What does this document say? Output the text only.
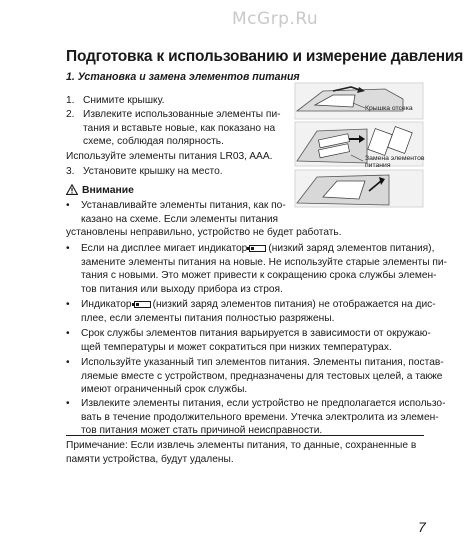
McGrp.Ru
Подготовка к использованию и измерение давления
1. Установка и замена элементов питания
1. Снимите крышку.
2. Извлеките использованные элементы пи-
тания и вставьте новые, как показано на
схеме, соблюдая полярность.
Используйте элементы питания LR03, AAA.
3. Установите крышку на место.
Крышка отсека
Замена элементов
питания
Внимание
• Устанавливайте элементы питания, как по-
казано на схеме. Если элементы питания
установлены неправильно, устройство не будет работать.
• Если на дисплее мигает индикатор (низкий заряд элементов питания),
замените элементы питания на новые. Не используйте старые элементы пи-
тания с новыми. Это может привести к сокращению срока службы элемен-
тов питания или выходу прибора из строя.
• Индикатор (низкий заряд элементов питания) не отображается на дис-
плее, если элементы питания полностью разряжены.
• Срок службы элементов питания варьируется в зависимости от окружаю-
щей температуры и может сократиться при низких температурах.
• Используйте указанный тип элементов питания. Элементы питания, постав-
ляемые вместе с устройством, предназначены для тестовых целей, а также
имеют ограниченный срок службы.
• Извлеките элементы питания, если устройство не предполагается использо-
вать в течение продолжительного времени. Утечка электролита из элемен-
тов питания может стать причиной неисправности.
Примечание: Если извлечь элементы питания, то данные, сохраненные в
памяти устройства, будут удалены.
7
